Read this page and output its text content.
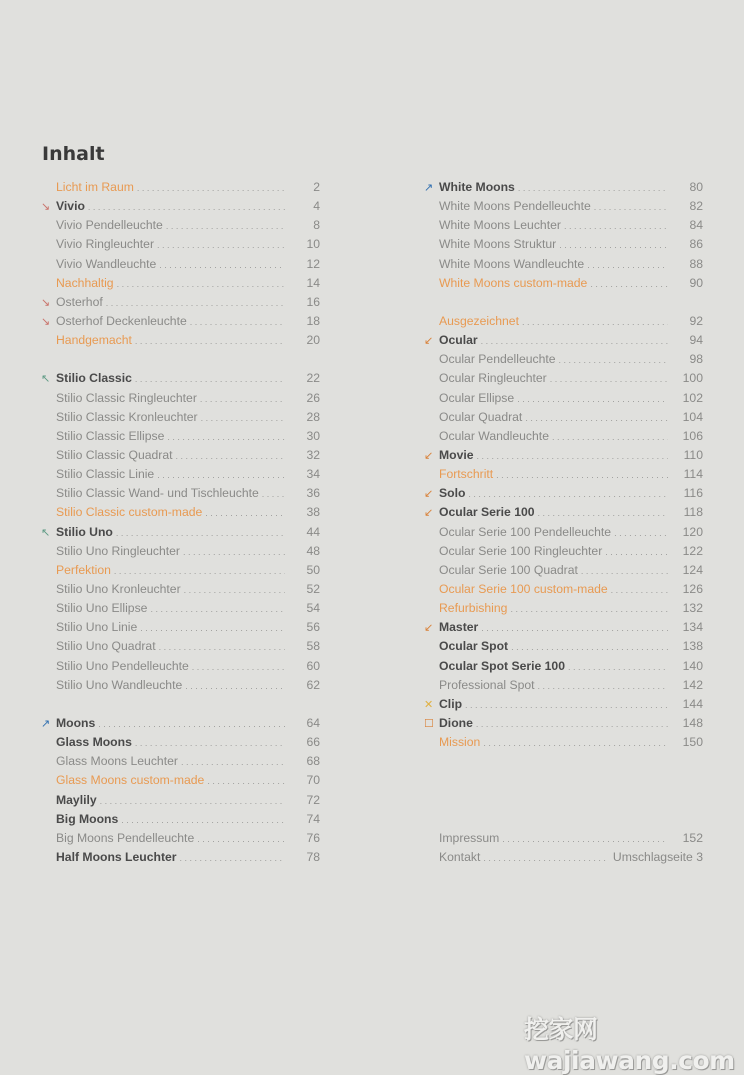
Inhalt
Licht im Raum . . .	2
↘ Vivio . . .	4
Vivio Pendelleuchte . . .	8
Vivio Ringleuchter . . .	10
Vivio Wandleuchte . . .	12
Nachhaltig . . .	14
↘ Osterhof . . .	16
↘ Osterhof Deckenleuchte . . .	18
Handgemacht . . .	20
↖ Stilio Classic . . .	22
Stilio Classic Ringleuchter . . .	26
Stilio Classic Kronleuchter . . .	28
Stilio Classic Ellipse . . .	30
Stilio Classic Quadrat . . .	32
Stilio Classic Linie . . .	34
Stilio Classic Wand- und Tischleuchte . . .	36
Stilio Classic custom-made . . .	38
↖ Stilio Uno . . .	44
Stilio Uno Ringleuchter . . .	48
Perfektion . . .	50
Stilio Uno Kronleuchter . . .	52
Stilio Uno Ellipse . . .	54
Stilio Uno Linie . . .	56
Stilio Uno Quadrat . . .	58
Stilio Uno Pendelleuchte . . .	60
Stilio Uno Wandleuchte . . .	62
↗ Moons . . .	64
Glass Moons . . .	66
Glass Moons Leuchter . . .	68
Glass Moons custom-made . . .	70
Maylily . . .	72
Big Moons . . .	74
Big Moons Pendelleuchte . . .	76
Half Moons Leuchter . . .	78
↗ White Moons . . .	80
White Moons Pendelleuchte . . .	82
White Moons Leuchter . . .	84
White Moons Struktur . . .	86
White Moons Wandleuchte . . .	88
White Moons custom-made . . .	90
Ausgezeichnet . . .	92
↙ Ocular . . .	94
Ocular Pendelleuchte . . .	98
Ocular Ringleuchter . . .	100
Ocular Ellipse . . .	102
Ocular Quadrat . . .	104
Ocular Wandleuchte . . .	106
↙ Movie . . .	110
Fortschritt . . .	114
↙ Solo . . .	116
↙ Ocular Serie 100 . . .	118
Ocular Serie 100 Pendelleuchte . . .	120
Ocular Serie 100 Ringleuchter . . .	122
Ocular Serie 100 Quadrat . . .	124
Ocular Serie 100 custom-made . . .	126
Refurbishing . . .	132
↙ Master . . .	134
Ocular Spot . . .	138
Ocular Spot Serie 100 . . .	140
Professional Spot . . .	142
✕ Clip . . .	144
☐ Dione . . .	148
Mission . . .	150
Impressum . . .	152
Kontakt . . .	Umschlagseite 3
挖家网 wajiawang.com
